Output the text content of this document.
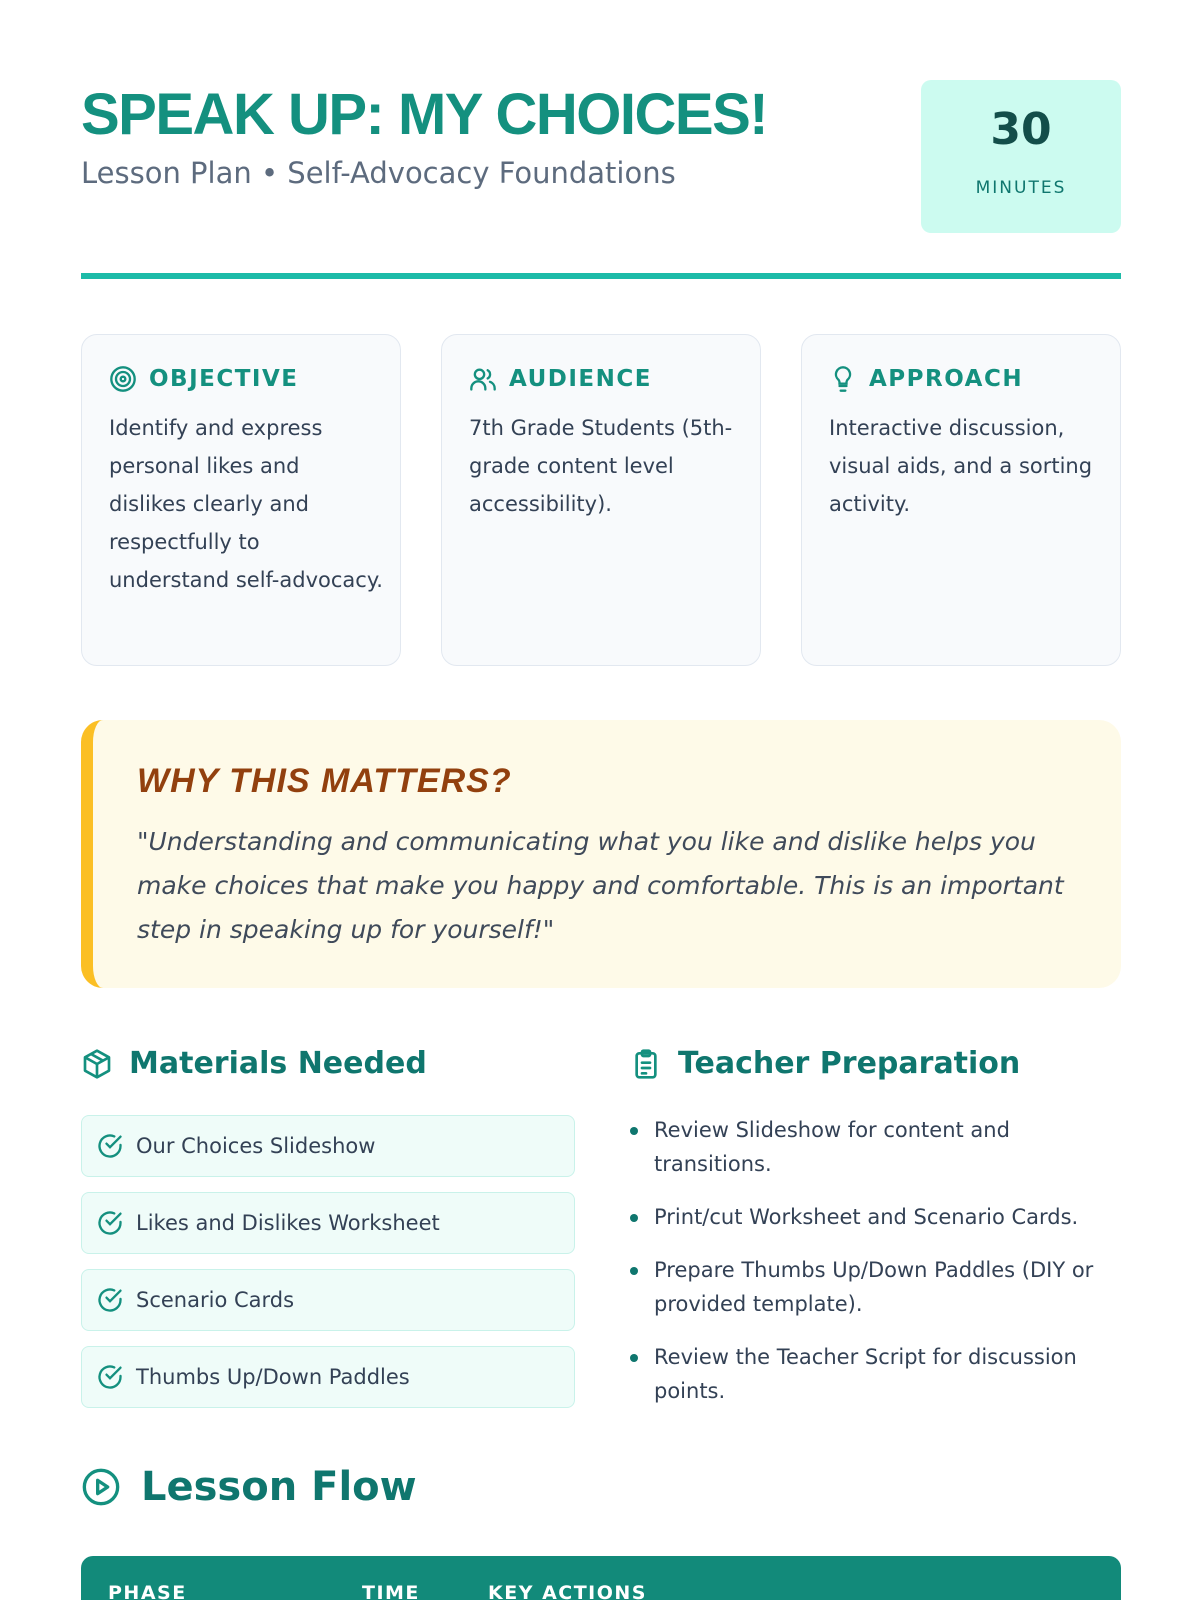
SPEAK UP: MY CHOICES!
Lesson Plan • Self-Advocacy Foundations
30
MINUTES
OBJECTIVE
Identify and express personal likes and dislikes clearly and respectfully to understand self-advocacy.
AUDIENCE
7th Grade Students (5th-grade content level accessibility).
APPROACH
Interactive discussion, visual aids, and a sorting activity.
WHY THIS MATTERS?
"Understanding and communicating what you like and dislike helps you make choices that make you happy and comfortable. This is an important step in speaking up for yourself!"
Materials Needed
Our Choices Slideshow
Likes and Dislikes Worksheet
Scenario Cards
Thumbs Up/Down Paddles
Teacher Preparation
Review Slideshow for content and transitions.
Print/cut Worksheet and Scenario Cards.
Prepare Thumbs Up/Down Paddles (DIY or provided template).
Review the Teacher Script for discussion points.
Lesson Flow
PHASE	TIME	KEY ACTIONS
